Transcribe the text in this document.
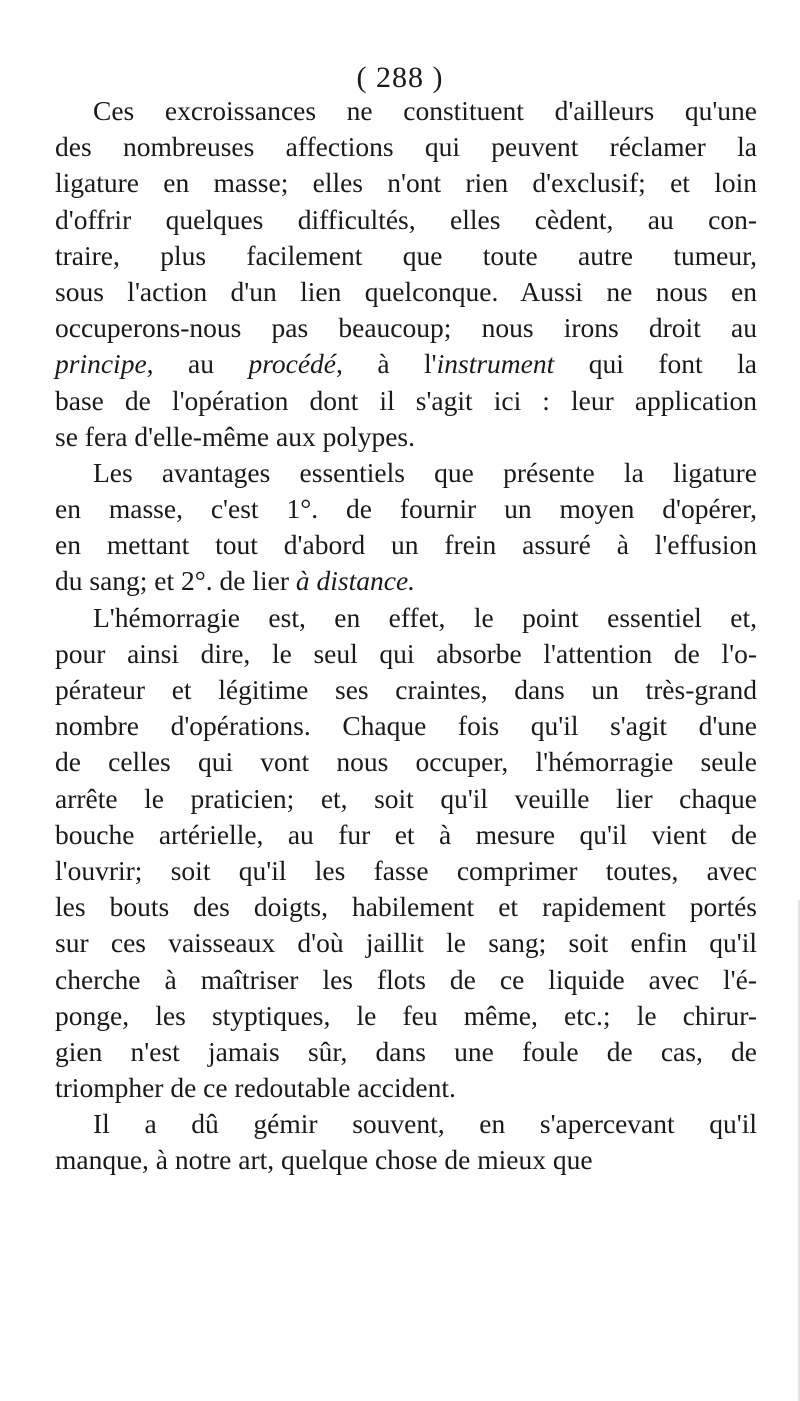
( 288 )
Ces excroissances ne constituent d'ailleurs qu'une
des nombreuses affections qui peuvent réclamer la
ligature en masse; elles n'ont rien d'exclusif; et loin
d'offrir quelques difficultés, elles cèdent, au con-
traire, plus facilement que toute autre tumeur,
sous l'action d'un lien quelconque. Aussi ne nous en
occuperons-nous pas beaucoup; nous irons droit au
principe, au procédé, à l'instrument qui font la
base de l'opération dont il s'agit ici : leur application
se fera d'elle-même aux polypes.
Les avantages essentiels que présente la ligature
en masse, c'est 1°. de fournir un moyen d'opérer,
en mettant tout d'abord un frein assuré à l'effusion
du sang; et 2°. de lier à distance.
L'hémorragie est, en effet, le point essentiel et,
pour ainsi dire, le seul qui absorbe l'attention de l'o-
pérateur et légitime ses craintes, dans un très-grand
nombre d'opérations. Chaque fois qu'il s'agit d'une
de celles qui vont nous occuper, l'hémorragie seule
arrête le praticien; et, soit qu'il veuille lier chaque
bouche artérielle, au fur et à mesure qu'il vient de
l'ouvrir; soit qu'il les fasse comprimer toutes, avec
les bouts des doigts, habilement et rapidement portés
sur ces vaisseaux d'où jaillit le sang; soit enfin qu'il
cherche à maîtriser les flots de ce liquide avec l'é-
ponge, les styptiques, le feu même, etc.; le chirur-
gien n'est jamais sûr, dans une foule de cas, de
triompher de ce redoutable accident.
Il a dû gémir souvent, en s'apercevant qu'il
manque, à notre art, quelque chose de mieux que
